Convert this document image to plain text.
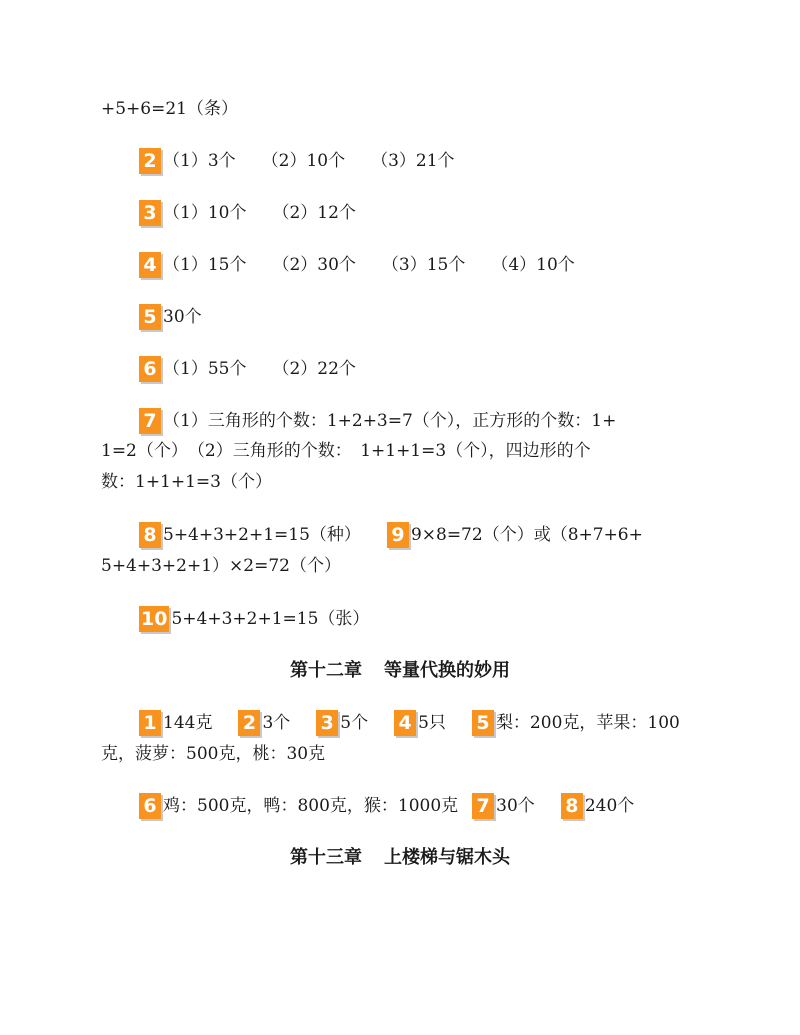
+5+6=21（条）
2 （1）3个 （2）10个 （3）21个
3 （1）10个 （2）12个
4 （1）15个 （2）30个 （3）15个 （4）10个
5 30个
6 （1）55个 （2）22个
7 （1）三角形的个数：1+2+3=7（个），正方形的个数：1+
1=2（个）　（2）三角形的个数：　1+1+1=3（个），四边形的个
数：1+1+1=3（个）
8 5+4+3+2+1=15（种） 9 9×8=72（个）或（8+7+6+
5+4+3+2+1）×2=72（个）
10 5+4+3+2+1=15（张）
第十二章 等量代换的妙用
1 144克 2 3个 3 5个 4 5只 5 梨：200克，苹果：100
克，菠萝：500克，桃：30克
6 鸡：500克，鸭：800克，猴：1000克 7 30个 8 240个
第十三章 上楼梯与锯木头
